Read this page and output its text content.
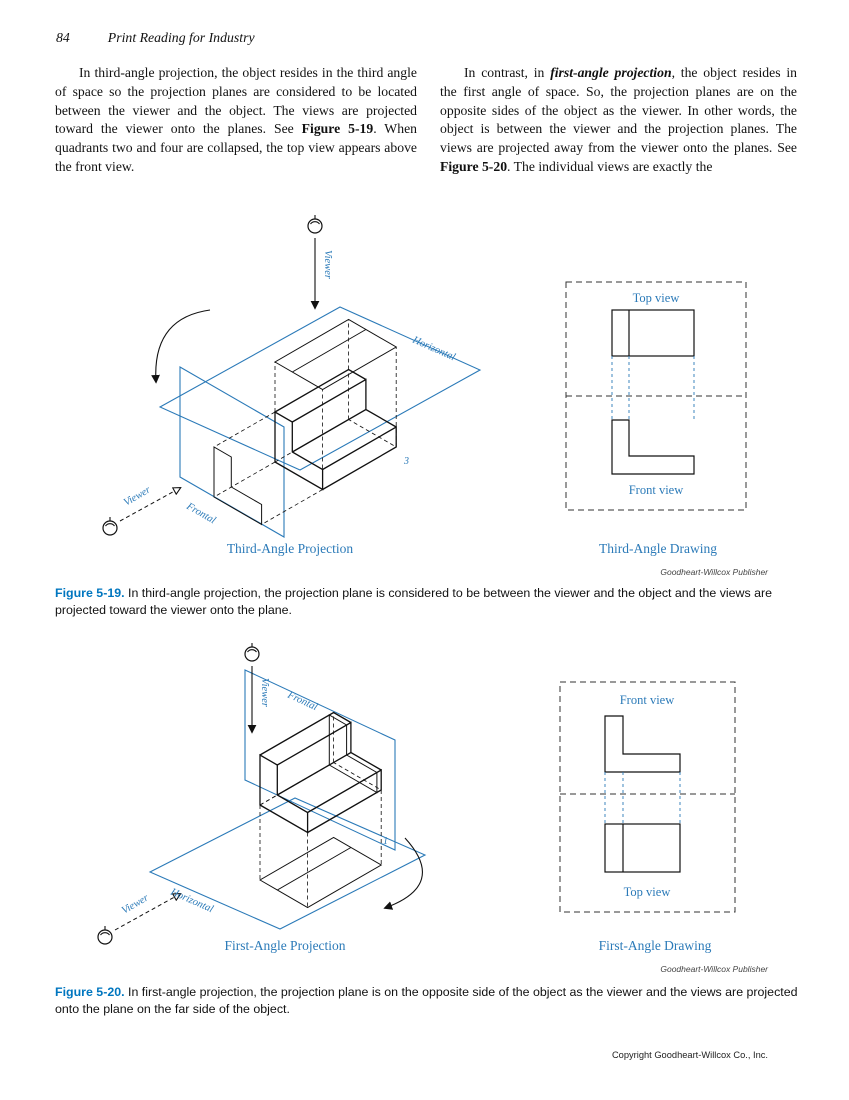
84	Print Reading for Industry

In third-angle projection, the object resides in the third angle of space so the projection planes are considered to be located between the viewer and the object. The views are projected toward the viewer onto the planes. See Figure 5-19. When quadrants two and four are collapsed, the top view appears above the front view.

In contrast, in first-angle projection, the object resides in the first angle of space. So, the projection planes are on the opposite sides of the object as the viewer. In other words, the object is between the viewer and the projection planes. The views are projected away from the viewer onto the planes. See Figure 5-20. The individual views are exactly the

Viewer
Viewer
Horizontal
Frontal
3
Top view
Front view
Third-Angle Projection	Third-Angle Drawing
Goodheart-Willcox Publisher
Figure 5-19. In third-angle projection, the projection plane is considered to be between the viewer and the object and the views are projected toward the viewer onto the plane.
Viewer
Viewer
Frontal
Horizontal
1
Front view
Top view
First-Angle Projection	First-Angle Drawing
Goodheart-Willcox Publisher
Figure 5-20. In first-angle projection, the projection plane is on the opposite side of the object as the viewer and the views are projected onto the plane on the far side of the object.
Copyright Goodheart-Willcox Co., Inc.
